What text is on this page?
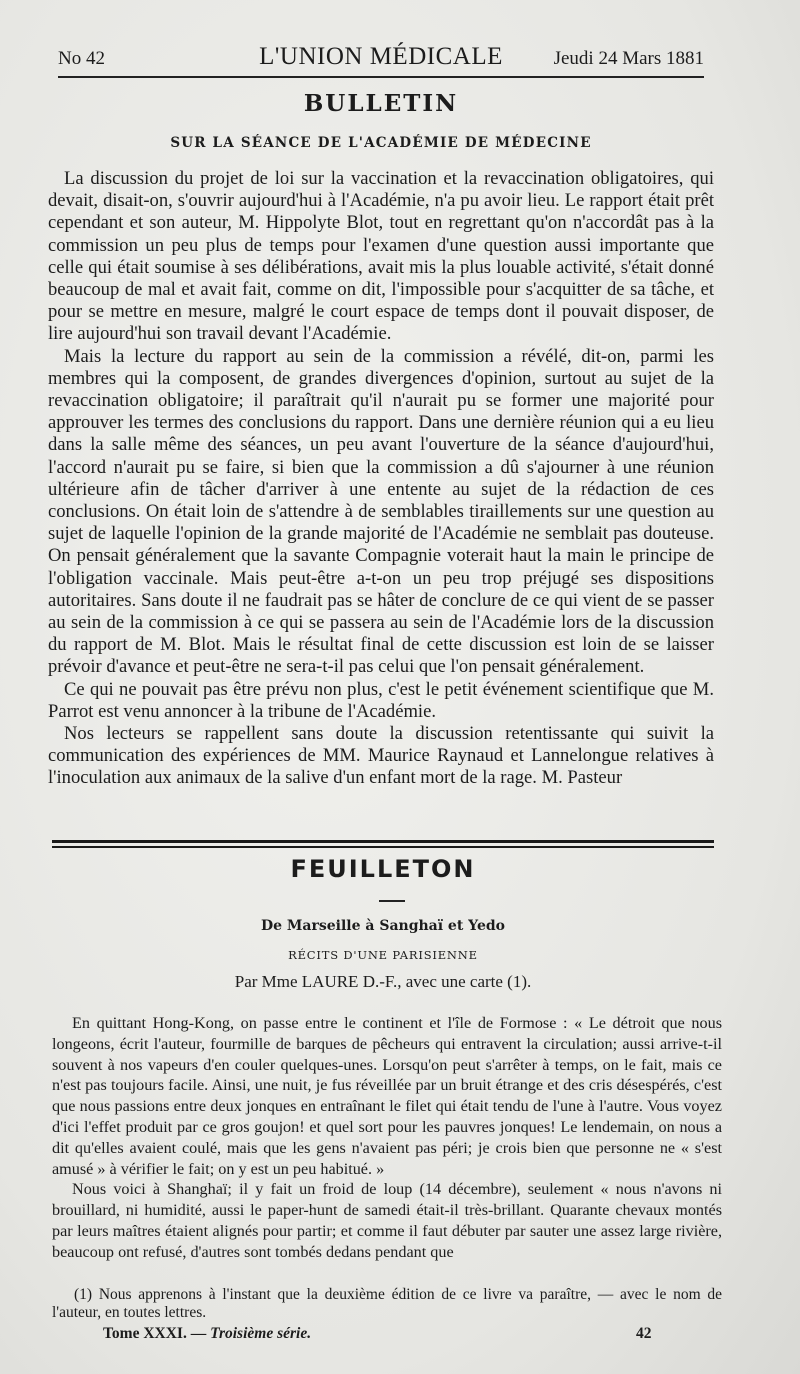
No 42	L'UNION MÉDICALE	Jeudi 24 Mars 1881
BULLETIN
SUR LA SÉANCE DE L'ACADÉMIE DE MÉDECINE

La discussion du projet de loi sur la vaccination et la revaccination obligatoires, qui devait, disait-on, s'ouvrir aujourd'hui à l'Académie, n'a pu avoir lieu. Le rapport était prêt cependant et son auteur, M. Hippolyte Blot, tout en regrettant qu'on n'accordât pas à la commission un peu plus de temps pour l'examen d'une question aussi importante que celle qui était soumise à ses délibérations, avait mis la plus louable activité, s'était donné beaucoup de mal et avait fait, comme on dit, l'impossible pour s'acquitter de sa tâche, et pour se mettre en mesure, malgré le court espace de temps dont il pouvait disposer, de lire aujourd'hui son travail devant l'Académie.

Mais la lecture du rapport au sein de la commission a révélé, dit-on, parmi les membres qui la composent, de grandes divergences d'opinion, surtout au sujet de la revaccination obligatoire; il paraîtrait qu'il n'aurait pu se former une majorité pour approuver les termes des conclusions du rapport. Dans une dernière réunion qui a eu lieu dans la salle même des séances, un peu avant l'ouverture de la séance d'aujourd'hui, l'accord n'aurait pu se faire, si bien que la commission a dû s'ajourner à une réunion ultérieure afin de tâcher d'arriver à une entente au sujet de la rédaction de ces conclusions. On était loin de s'attendre à de semblables tiraillements sur une question au sujet de laquelle l'opinion de la grande majorité de l'Académie ne semblait pas douteuse. On pensait généralement que la savante Compagnie voterait haut la main le principe de l'obligation vaccinale. Mais peut-être a-t-on un peu trop préjugé ses dispositions autoritaires. Sans doute il ne faudrait pas se hâter de conclure de ce qui vient de se passer au sein de la commission à ce qui se passera au sein de l'Académie lors de la discussion du rapport de M. Blot. Mais le résultat final de cette discussion est loin de se laisser prévoir d'avance et peut-être ne sera-t-il pas celui que l'on pensait généralement.

Ce qui ne pouvait pas être prévu non plus, c'est le petit événement scientifique que M. Parrot est venu annoncer à la tribune de l'Académie.

Nos lecteurs se rappellent sans doute la discussion retentissante qui suivit la communication des expériences de MM. Maurice Raynaud et Lannelongue relatives à l'inoculation aux animaux de la salive d'un enfant mort de la rage. M. Pasteur

FEUILLETON
De Marseille à Sanghaï et Yedo
RÉCITS D'UNE PARISIENNE
Par Mme LAURE D.-F., avec une carte (1).

En quittant Hong-Kong, on passe entre le continent et l'île de Formose : « Le détroit que nous longeons, écrit l'auteur, fourmille de barques de pêcheurs qui entravent la circulation; aussi arrive-t-il souvent à nos vapeurs d'en couler quelques-unes. Lorsqu'on peut s'arrêter à temps, on le fait, mais ce n'est pas toujours facile. Ainsi, une nuit, je fus réveillée par un bruit étrange et des cris désespérés, c'est que nous passions entre deux jonques en entraînant le filet qui était tendu de l'une à l'autre. Vous voyez d'ici l'effet produit par ce gros goujon! et quel sort pour les pauvres jonques! Le lendemain, on nous a dit qu'elles avaient coulé, mais que les gens n'avaient pas péri; je crois bien que personne ne « s'est amusé » à vérifier le fait; on y est un peu habitué. »

Nous voici à Shanghaï; il y fait un froid de loup (14 décembre), seulement « nous n'avons ni brouillard, ni humidité, aussi le paper-hunt de samedi était-il très-brillant. Quarante chevaux montés par leurs maîtres étaient alignés pour partir; et comme il faut débuter par sauter une assez large rivière, beaucoup ont refusé, d'autres sont tombés dedans pendant que

(1) Nous apprenons à l'instant que la deuxième édition de ce livre va paraître, — avec le nom de l'auteur, en toutes lettres.
Tome XXXI. — Troisième série.	42
